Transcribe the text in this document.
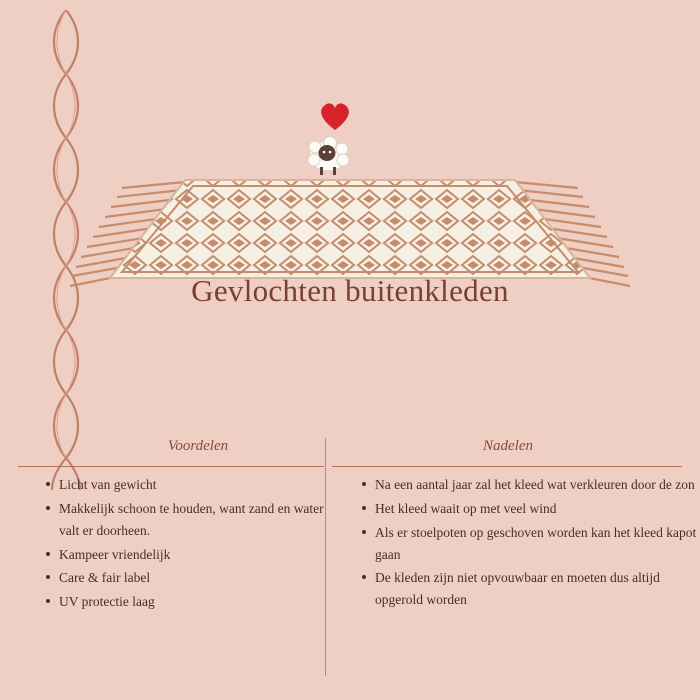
Gevlochten buitenkleden
Voordelen	Nadelen
Licht van gewicht
Makkelijk schoon te houden, want zand en water valt er doorheen.
Kampeer vriendelijk
Care & fair label
UV protectie laag
Na een aantal jaar zal het kleed wat verkleuren door de zon
Het kleed waait op met veel wind
Als er stoelpoten op geschoven worden kan het kleed kapot gaan
De kleden zijn niet opvouwbaar en moeten dus altijd opgerold worden
